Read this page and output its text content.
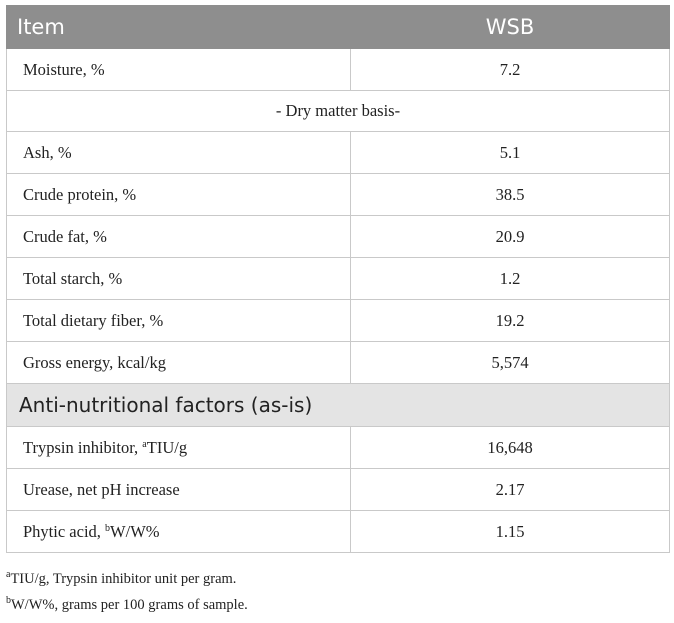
Item	WSB
Moisture, %	7.2
- Dry matter basis-	
Ash, %	5.1
Crude protein, %	38.5
Crude fat, %	20.9
Total starch, %	1.2
Total dietary fiber, %	19.2
Gross energy, kcal/kg	5,574
Anti-nutritional factors (as-is)	
Trypsin inhibitor, $^a$TIU/g	16,648
Urease, net pH increase	2.17
Phytic acid, $^b$W/W%	1.15
$^a$TIU/g, Trypsin inhibitor unit per gram.
$^b$W/W%, grams per 100 grams of sample.
